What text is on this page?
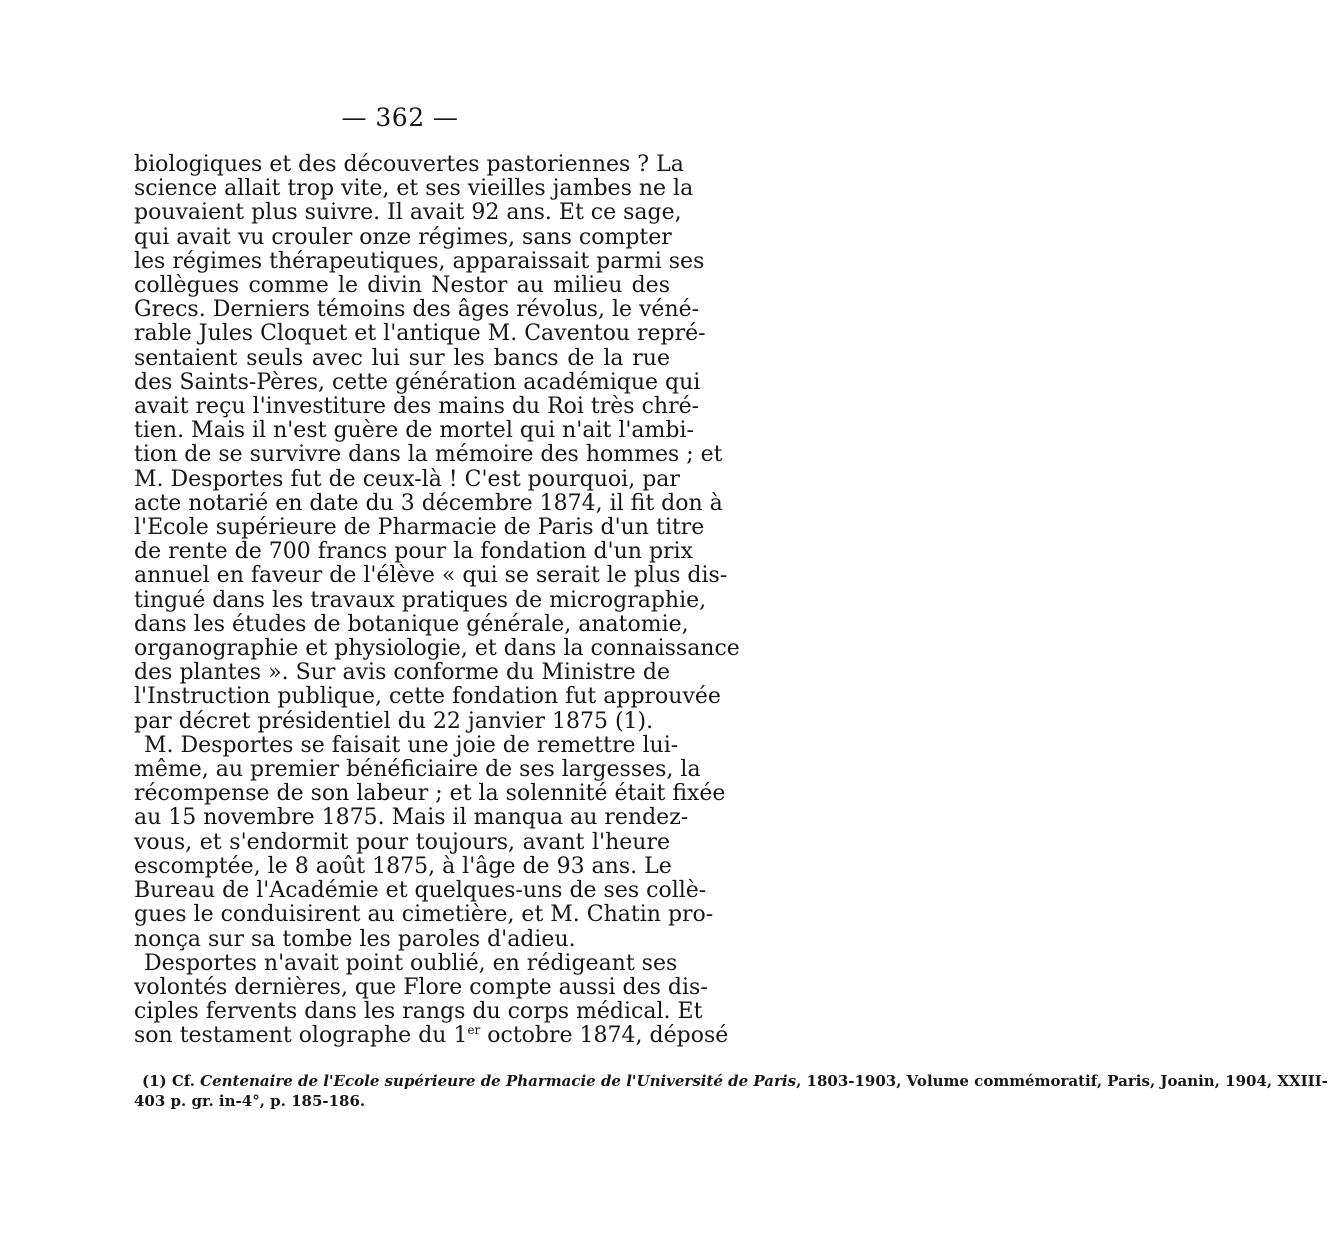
— 362 —
biologiques et des découvertes pastoriennes ? La
science allait trop vite, et ses vieilles jambes ne la
pouvaient plus suivre. Il avait 92 ans. Et ce sage,
qui avait vu crouler onze régimes, sans compter
les régimes thérapeutiques, apparaissait parmi ses
collègues comme le divin Nestor au milieu des
Grecs. Derniers témoins des âges révolus, le véné-
rable Jules Cloquet et l'antique M. Caventou repré-
sentaient seuls avec lui sur les bancs de la rue
des Saints-Pères, cette génération académique qui
avait reçu l'investiture des mains du Roi très chré-
tien. Mais il n'est guère de mortel qui n'ait l'ambi-
tion de se survivre dans la mémoire des hommes ; et
M. Desportes fut de ceux-là ! C'est pourquoi, par
acte notarié en date du 3 décembre 1874, il fit don à
l'Ecole supérieure de Pharmacie de Paris d'un titre
de rente de 700 francs pour la fondation d'un prix
annuel en faveur de l'élève « qui se serait le plus dis-
tingué dans les travaux pratiques de micrographie,
dans les études de botanique générale, anatomie,
organographie et physiologie, et dans la connaissance
des plantes ». Sur avis conforme du Ministre de
l'Instruction publique, cette fondation fut approuvée
par décret présidentiel du 22 janvier 1875 (1).
M. Desportes se faisait une joie de remettre lui-
même, au premier bénéficiaire de ses largesses, la
récompense de son labeur ; et la solennité était fixée
au 15 novembre 1875. Mais il manqua au rendez-
vous, et s'endormit pour toujours, avant l'heure
escomptée, le 8 août 1875, à l'âge de 93 ans. Le
Bureau de l'Académie et quelques-uns de ses collè-
gues le conduisirent au cimetière, et M. Chatin pro-
nonça sur sa tombe les paroles d'adieu.
Desportes n'avait point oublié, en rédigeant ses
volontés dernières, que Flore compte aussi des dis-
ciples fervents dans les rangs du corps médical. Et
son testament olographe du 1er octobre 1874, déposé
(1) Cf. Centenaire de l'Ecole supérieure de Pharmacie de l'Université de Paris, 1803-1903, Volume commémoratif, Paris, Joanin, 1904, XXIII-
403 p. gr. in-4°, p. 185-186.
